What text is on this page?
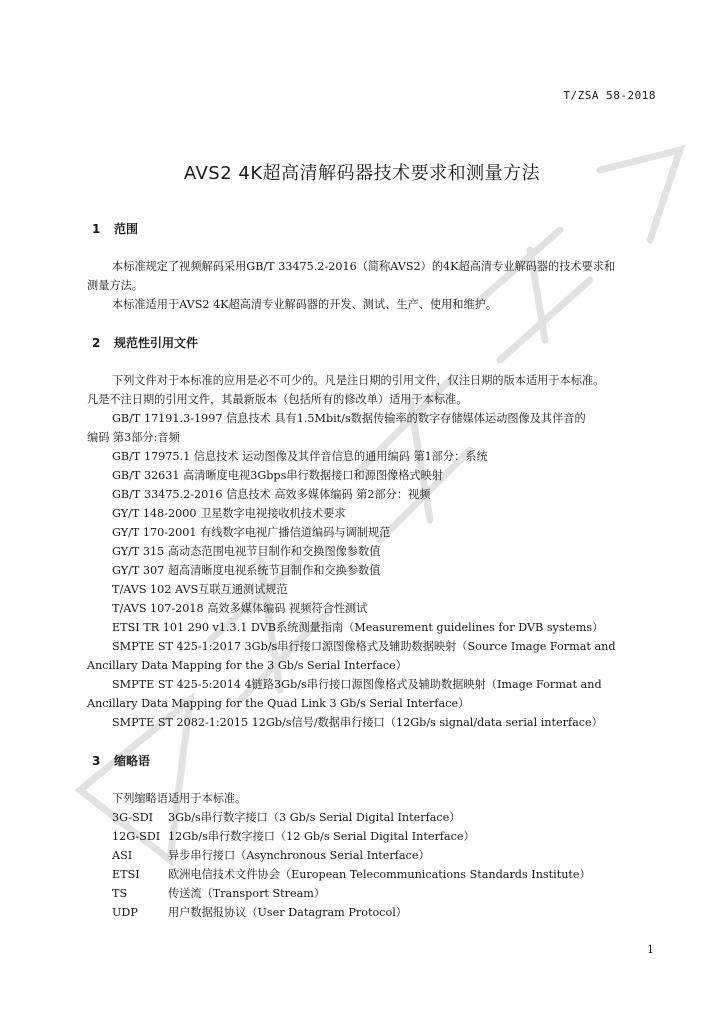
T/ZSA 58-2018
AVS2 4K超高清解码器技术要求和测量方法
1 范围
本标准规定了视频解码采用GB/T 33475.2-2016（简称AVS2）的4K超高清专业解码器的技术要求和
测量方法。
本标准适用于AVS2 4K超高清专业解码器的开发、测试、生产、使用和维护。
2 规范性引用文件
下列文件对于本标准的应用是必不可少的。凡是注日期的引用文件，仅注日期的版本适用于本标准。
凡是不注日期的引用文件，其最新版本（包括所有的修改单）适用于本标准。
GB/T 17191.3-1997 信息技术 具有1.5Mbit/s数据传输率的数字存储媒体运动图像及其伴音的
编码 第3部分:音频
GB/T 17975.1 信息技术 运动图像及其伴音信息的通用编码 第1部分：系统
GB/T 32631 高清晰度电视3Gbps串行数据接口和源图像格式映射
GB/T 33475.2-2016 信息技术 高效多媒体编码 第2部分：视频
GY/T 148-2000 卫星数字电视接收机技术要求
GY/T 170-2001 有线数字电视广播信道编码与调制规范
GY/T 315 高动态范围电视节目制作和交换图像参数值
GY/T 307 超高清晰度电视系统节目制作和交换参数值
T/AVS 102 AVS互联互通测试规范
T/AVS 107-2018 高效多媒体编码 视频符合性测试
ETSI TR 101 290 v1.3.1 DVB系统测量指南（Measurement guidelines for DVB systems）
SMPTE ST 425-1:2017 3Gb/s串行接口源图像格式及辅助数据映射（Source Image Format and
Ancillary Data Mapping for the 3 Gb/s Serial Interface）
SMPTE ST 425-5:2014 4链路3Gb/s串行接口源图像格式及辅助数据映射（Image Format and
Ancillary Data Mapping for the Quad Link 3 Gb/s Serial Interface）
SMPTE ST 2082-1:2015 12Gb/s信号/数据串行接口（12Gb/s signal/data serial interface）
3 缩略语
下列缩略语适用于本标准。
3G-SDI 3Gb/s串行数字接口（3 Gb/s Serial Digital Interface）
12G-SDI 12Gb/s串行数字接口（12 Gb/s Serial Digital Interface）
ASI	异步串行接口（Asynchronous Serial Interface）
ETSI	欧洲电信技术文件协会（European Telecommunications Standards Institute）
TS	传送流（Transport Stream）
UDP	用户数据报协议（User Datagram Protocol）
1
